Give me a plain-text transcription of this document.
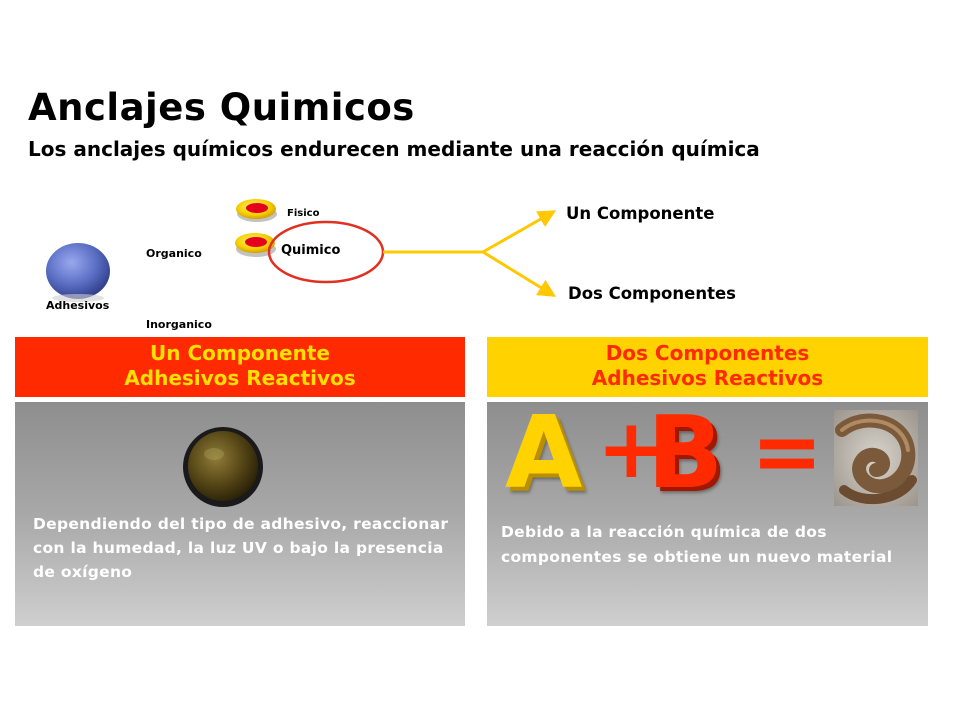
Anclajes Quimicos
Los anclajes químicos endurecen mediante una reacción química
Adhesivos
Organico
Inorganico
Fisico
Quimico
Un Componente
Dos Componentes
Un Componente
Adhesivos Reactivos
Dependiendo del tipo de adhesivo, reaccionar con la humedad, la luz UV o bajo la presencia de oxígeno
Dos Componentes
Adhesivos Reactivos
A +
B =
Debido a la reacción química de dos componentes se obtiene un nuevo material
